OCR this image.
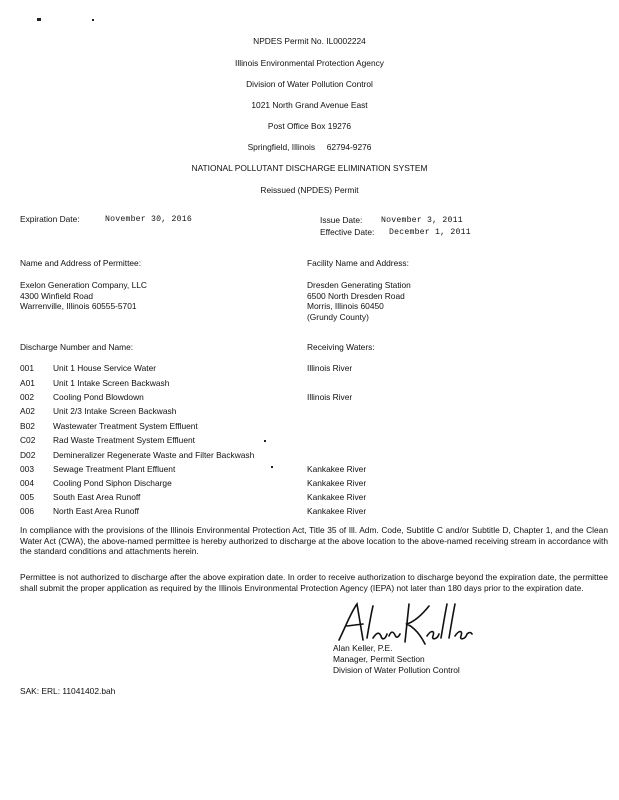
NPDES Permit No. IL0002224
Illinois Environmental Protection Agency
Division of Water Pollution Control
1021 North Grand Avenue East
Post Office Box 19276
Springfield, Illinois     62794-9276
NATIONAL POLLUTANT DISCHARGE ELIMINATION SYSTEM
Reissued (NPDES) Permit
Expiration Date:	November 30, 2016	Issue Date: November 3, 2011
Effective Date: December 1, 2011
Name and Address of Permittee:
Exelon Generation Company, LLC
4300 Winfield Road
Warrenville, Illinois 60555-5701
Facility Name and Address:
Dresden Generating Station
6500 North Dresden Road
Morris, Illinois 60450
(Grundy County)
Discharge Number and Name:	Receiving Waters:
001	Unit 1 House Service Water	Illinois River
A01	Unit 1 Intake Screen Backwash
002	Cooling Pond Blowdown	Illinois River
A02	Unit 2/3 Intake Screen Backwash
B02	Wastewater Treatment System Effluent
C02	Rad Waste Treatment System Effluent
D02	Demineralizer Regenerate Waste and Filter Backwash
003	Sewage Treatment Plant Effluent	Kankakee River
004	Cooling Pond Siphon Discharge	Kankakee River
005	South East Area Runoff	Kankakee River
006	North East Area Runoff	Kankakee River
In compliance with the provisions of the Illinois Environmental Protection Act, Title 35 of Ill. Adm. Code, Subtitle C and/or Subtitle D, Chapter 1, and the Clean Water Act (CWA), the above-named permittee is hereby authorized to discharge at the above location to the above-named receiving stream in accordance with the standard conditions and attachments herein.
Permittee is not authorized to discharge after the above expiration date. In order to receive authorization to discharge beyond the expiration date, the permittee shall submit the proper application as required by the Illinois Environmental Protection Agency (IEPA) not later than 180 days prior to the expiration date.
Alan Keller, P.E.
Manager, Permit Section
Division of Water Pollution Control
SAK: ERL: 11041402.bah
